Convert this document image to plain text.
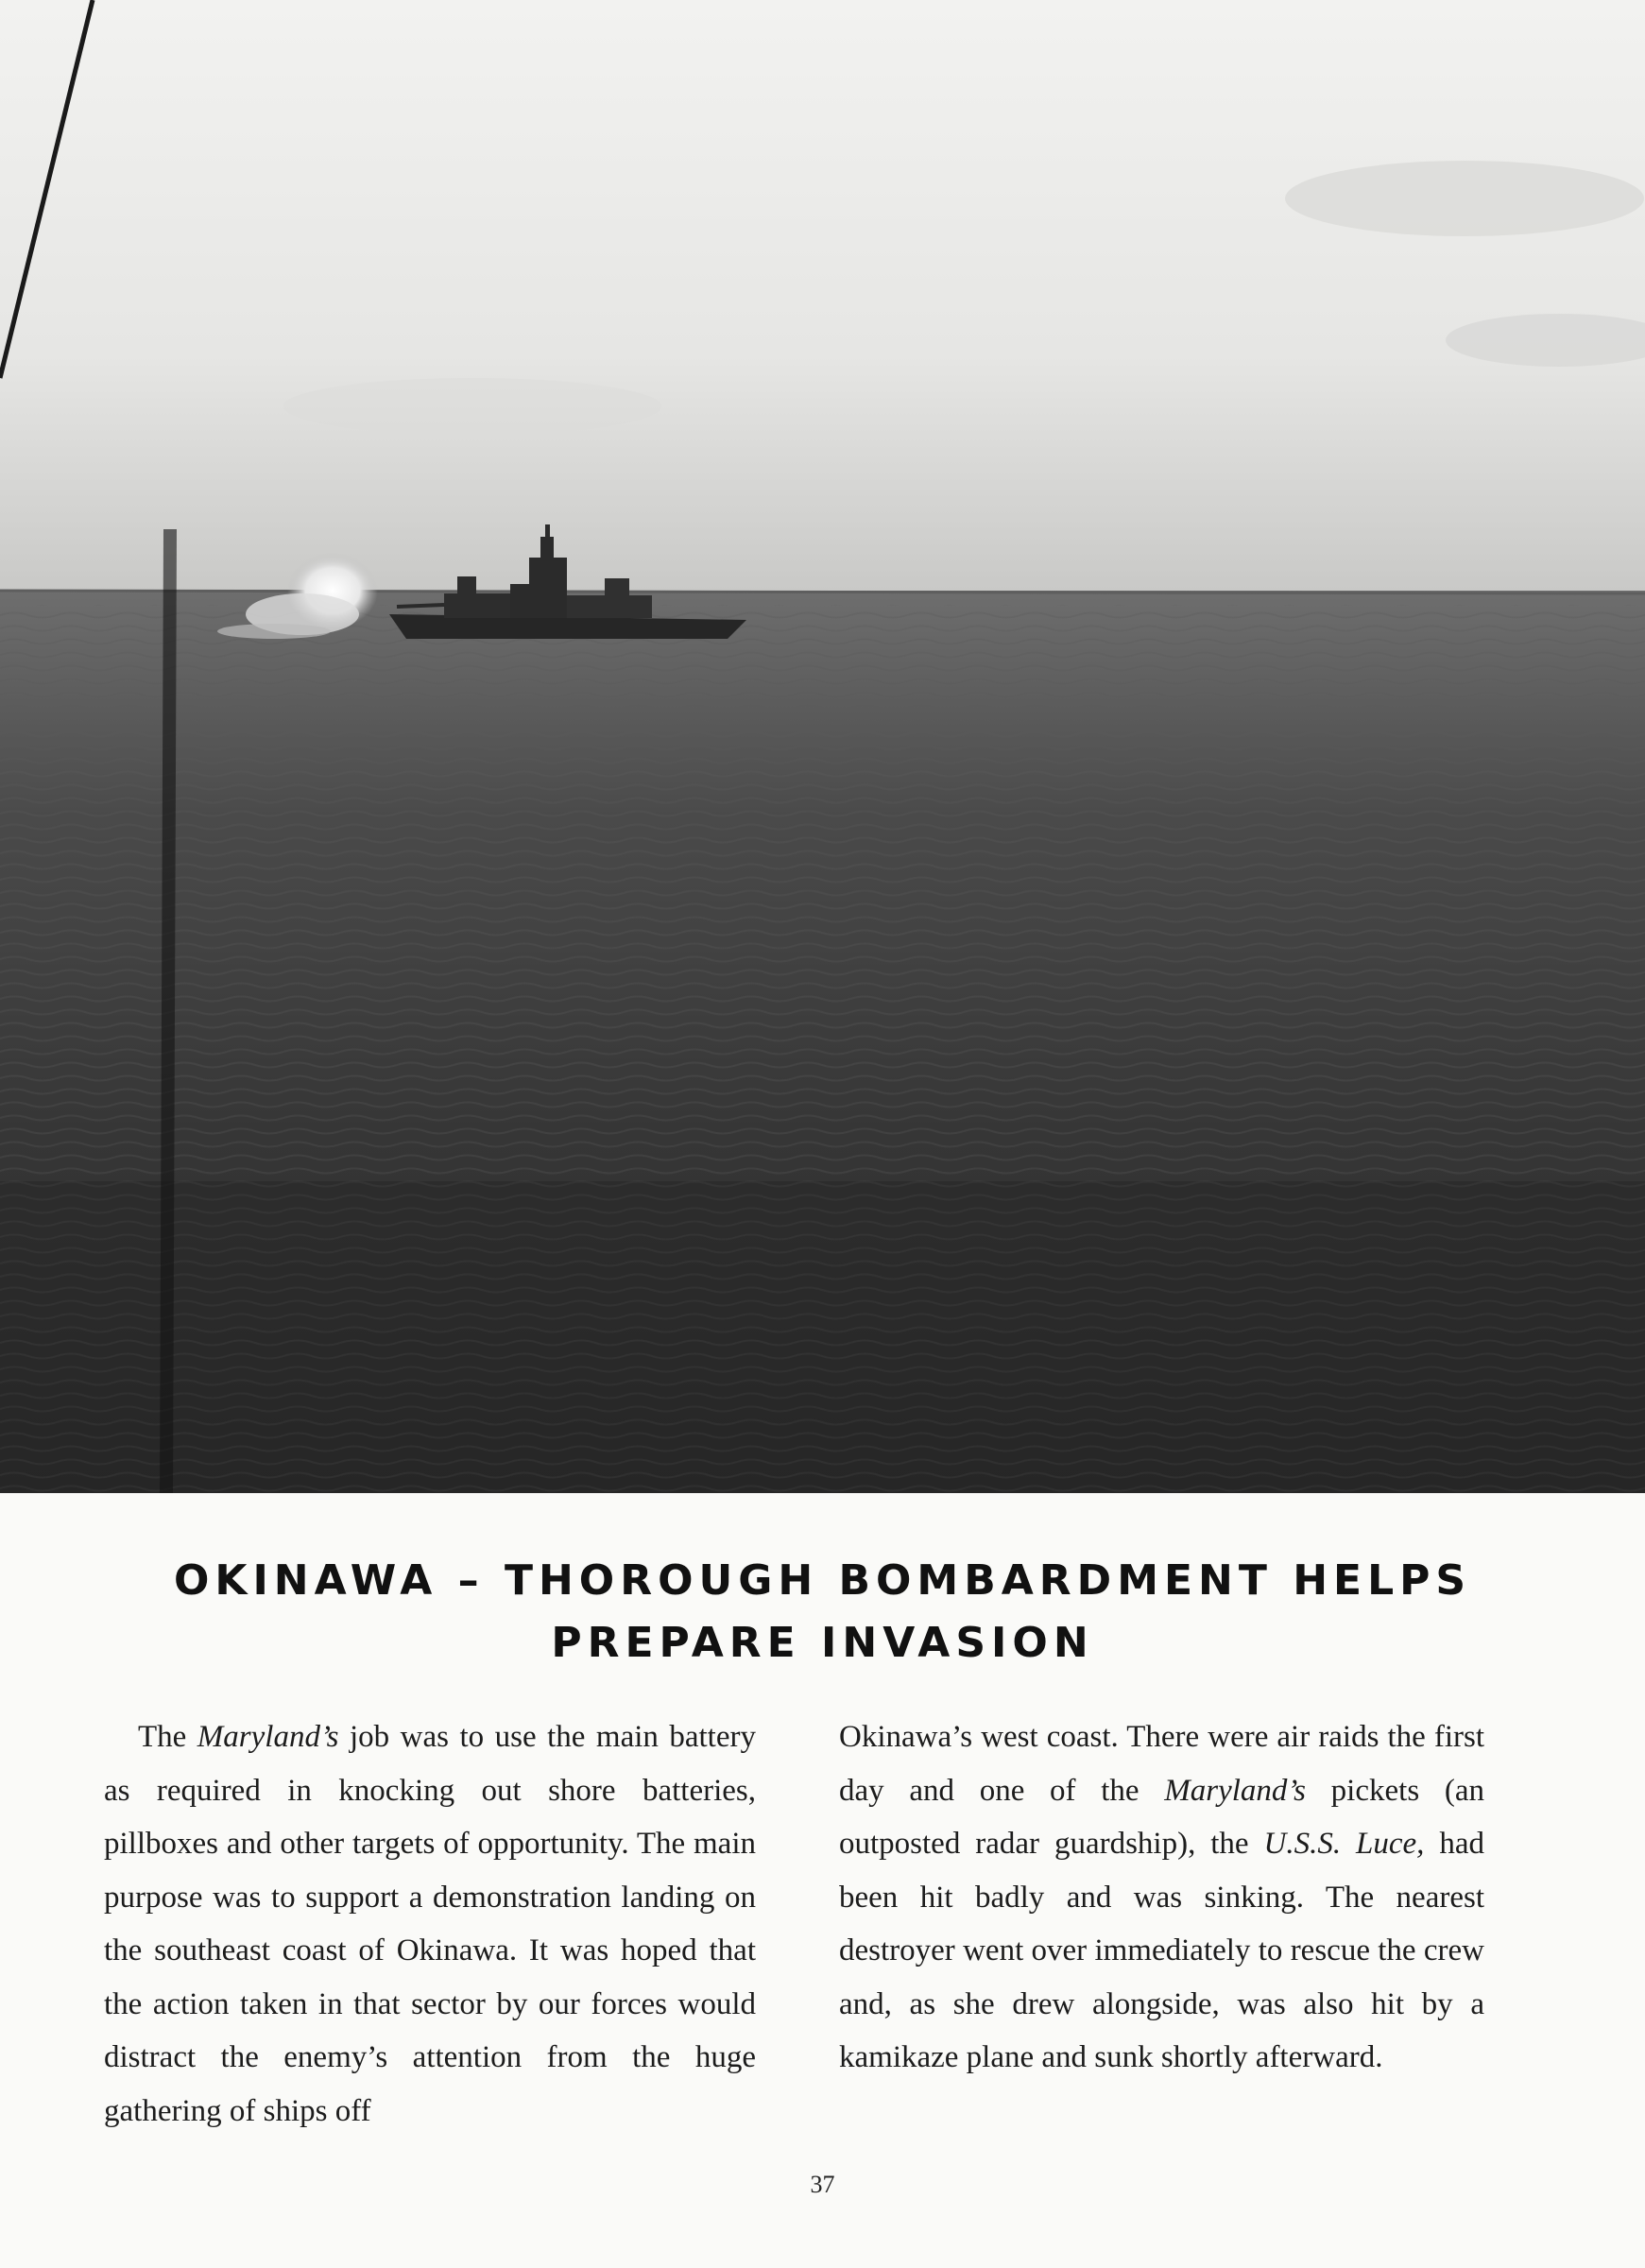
OKINAWA – THOROUGH BOMBARDMENT HELPS
PREPARE INVASION

The Maryland’s job was to use the main battery as required in knocking out shore batteries, pillboxes and other targets of opportunity. The main purpose was to support a demonstration landing on the southeast coast of Okinawa. It was hoped that the action taken in that sector by our forces would distract the enemy’s attention from the huge gathering of ships off

Okinawa’s west coast. There were air raids the first day and one of the Maryland’s pickets (an outposted radar guardship), the U.S.S. Luce, had been hit badly and was sinking. The nearest destroyer went over immediately to rescue the crew and, as she drew alongside, was also hit by a kamikaze plane and sunk shortly afterward.

37
